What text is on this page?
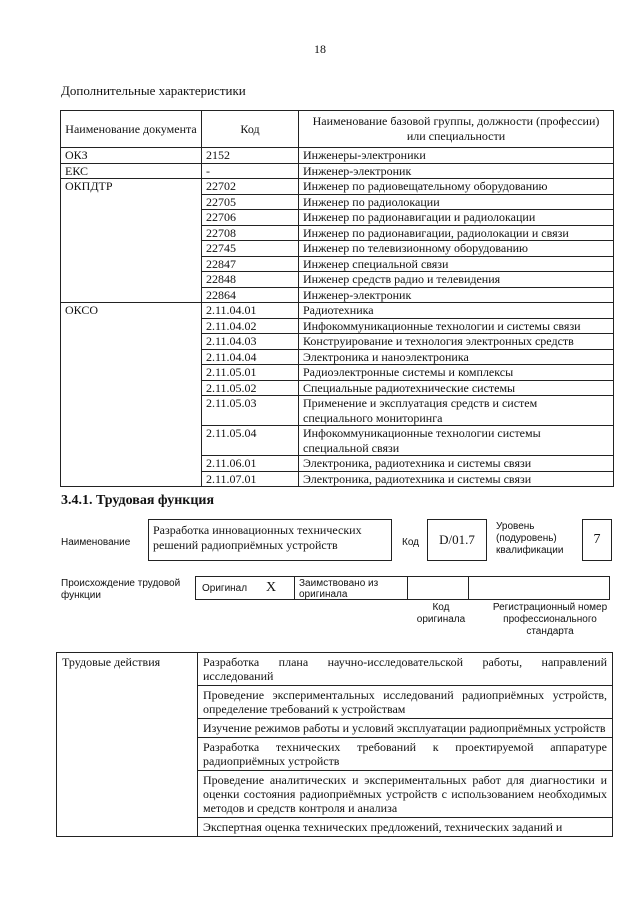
18
Дополнительные характеристики
Наименование документа	Код	Наименование базовой группы, должности (профессии) или специальности
ОКЗ	2152	Инженеры-электроники
ЕКС	-	Инженер-электроник
ОКПДТР	22702	Инженер по радиовещательному оборудованию
	22705	Инженер по радиолокации
	22706	Инженер по радионавигации и радиолокации
	22708	Инженер по радионавигации, радиолокации и связи
	22745	Инженер по телевизионному оборудованию
	22847	Инженер специальной связи
	22848	Инженер средств радио и телевидения
	22864	Инженер-электроник
ОКСО	2.11.04.01	Радиотехника
	2.11.04.02	Инфокоммуникационные технологии и системы связи
	2.11.04.03	Конструирование и технология электронных средств
	2.11.04.04	Электроника и наноэлектроника
	2.11.05.01	Радиоэлектронные системы и комплексы
	2.11.05.02	Специальные радиотехнические системы
	2.11.05.03	Применение и эксплуатация средств и систем специального мониторинга
	2.11.05.04	Инфокоммуникационные технологии системы специальной связи
	2.11.06.01	Электроника, радиотехника и системы связи
	2.11.07.01	Электроника, радиотехника и системы связи
3.4.1. Трудовая функция
Наименование
Разработка инновационных технических решений радиоприёмных устройств	Код	D/01.7
Уровень (подуровень) квалификации
7
Происхождение трудовой функции
Оригинал Х	Заимствовано из оригинала
Код оригинала
Регистрационный номер профессионального стандарта
Трудовые действия	Разработка плана научно-исследовательской работы, направлений исследований
Проведение экспериментальных исследований радиоприёмных устройств, определение требований к устройствам
Изучение режимов работы и условий эксплуатации радиоприёмных устройств
Разработка технических требований к проектируемой аппаратуре радиоприёмных устройств
Проведение аналитических и экспериментальных работ для диагностики и оценки состояния радиоприёмных устройств с использованием необходимых методов и средств контроля и анализа
Экспертная оценка технических предложений, технических заданий и
